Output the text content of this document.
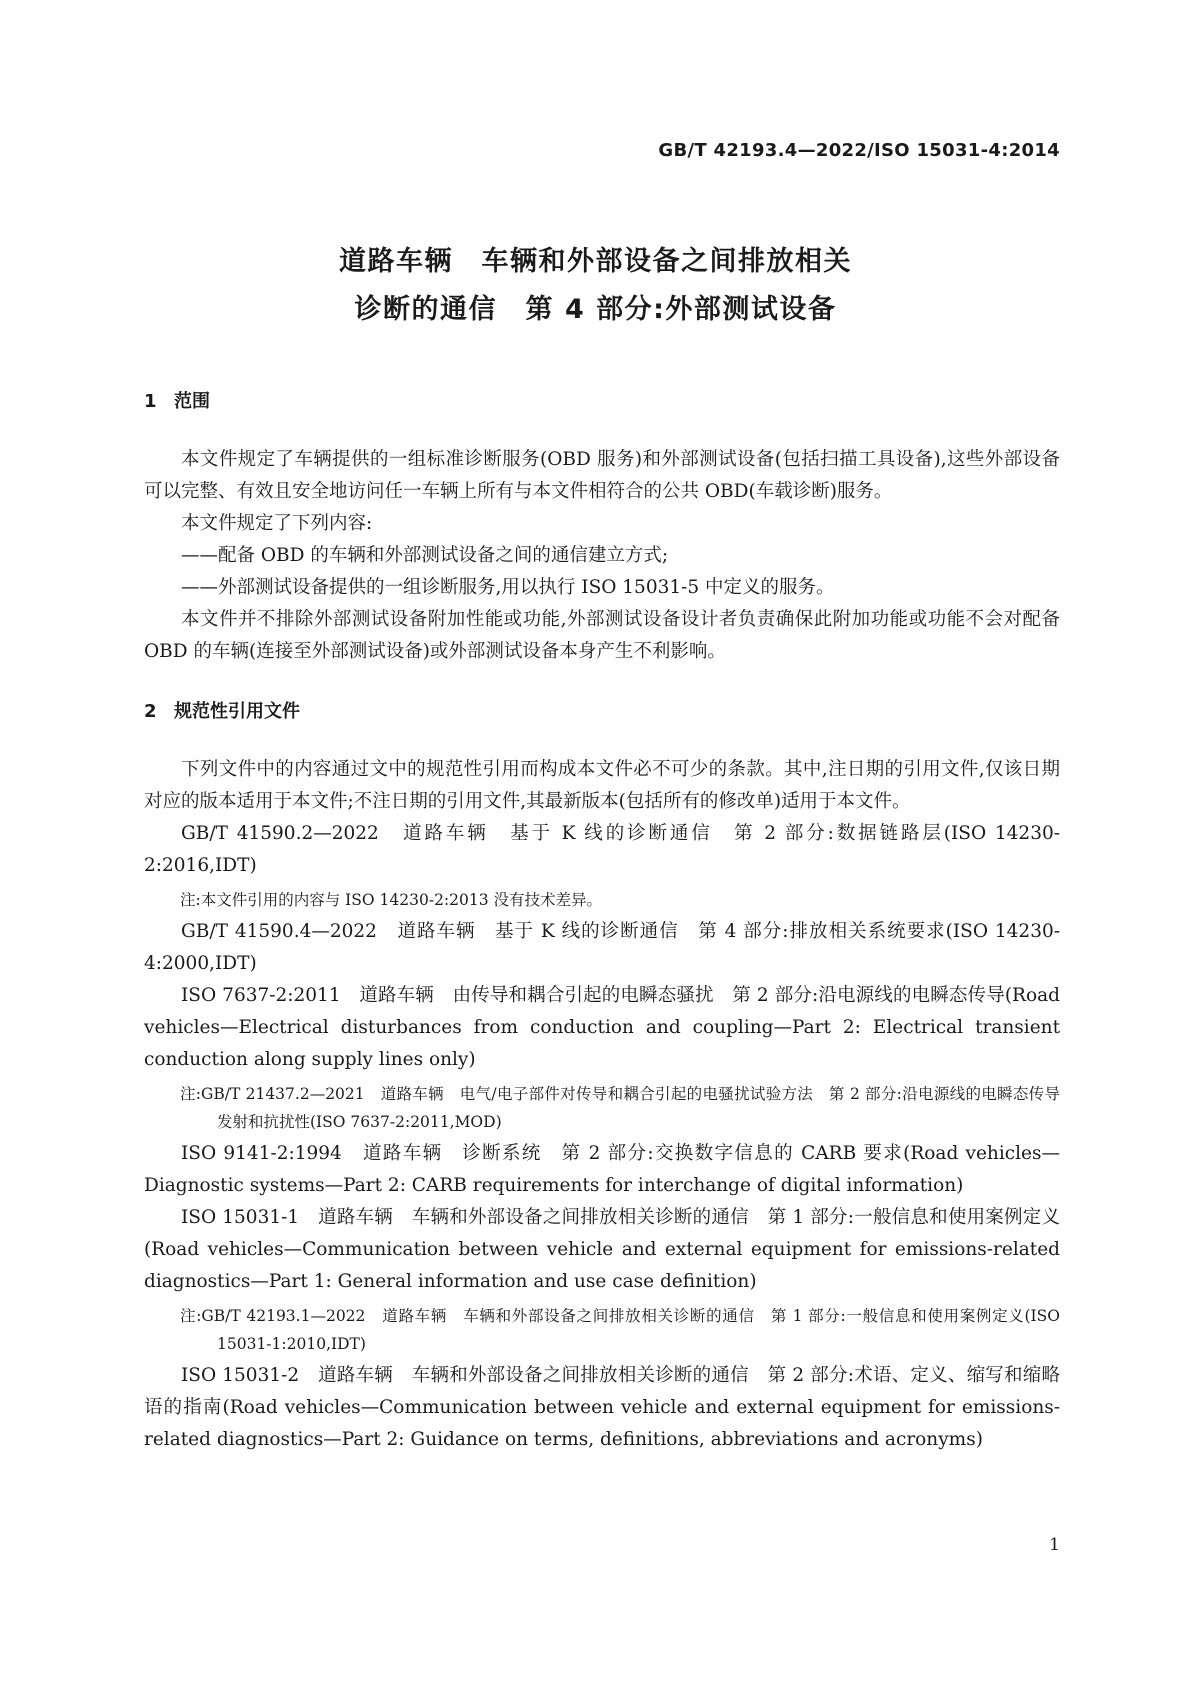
GB/T 42193.4—2022/ISO 15031-4:2014
道路车辆　车辆和外部设备之间排放相关
诊断的通信　第 4 部分:外部测试设备
1 范围

本文件规定了车辆提供的一组标准诊断服务(OBD 服务)和外部测试设备(包括扫描工具设备),这些外部设备可以完整、有效且安全地访问任一车辆上所有与本文件相符合的公共 OBD(车载诊断)服务。

本文件规定了下列内容:

——配备 OBD 的车辆和外部测试设备之间的通信建立方式;

——外部测试设备提供的一组诊断服务,用以执行 ISO 15031-5 中定义的服务。

本文件并不排除外部测试设备附加性能或功能,外部测试设备设计者负责确保此附加功能或功能不会对配备 OBD 的车辆(连接至外部测试设备)或外部测试设备本身产生不利影响。

2 规范性引用文件

下列文件中的内容通过文中的规范性引用而构成本文件必不可少的条款。其中,注日期的引用文件,仅该日期对应的版本适用于本文件;不注日期的引用文件,其最新版本(包括所有的修改单)适用于本文件。

GB/T 41590.2—2022　道路车辆　基于 K 线的诊断通信　第 2 部分:数据链路层(ISO 14230-2:2016,IDT)

注:本文件引用的内容与 ISO 14230-2:2013 没有技术差异。

GB/T 41590.4—2022　道路车辆　基于 K 线的诊断通信　第 4 部分:排放相关系统要求(ISO 14230-4:2000,IDT)

ISO 7637-2:2011　道路车辆　由传导和耦合引起的电瞬态骚扰　第 2 部分:沿电源线的电瞬态传导(Road vehicles—Electrical disturbances from conduction and coupling—Part 2: Electrical transient conduction along supply lines only)

注:GB/T 21437.2—2021　道路车辆　电气/电子部件对传导和耦合引起的电骚扰试验方法　第 2 部分:沿电源线的电瞬态传导发射和抗扰性(ISO 7637-2:2011,MOD)

ISO 9141-2:1994　道路车辆　诊断系统　第 2 部分:交换数字信息的 CARB 要求(Road vehicles—Diagnostic systems—Part 2: CARB requirements for interchange of digital information)

ISO 15031-1　道路车辆　车辆和外部设备之间排放相关诊断的通信　第 1 部分:一般信息和使用案例定义(Road vehicles—Communication between vehicle and external equipment for emissions-related diagnostics—Part 1: General information and use case definition)

注:GB/T 42193.1—2022　道路车辆　车辆和外部设备之间排放相关诊断的通信　第 1 部分:一般信息和使用案例定义(ISO 15031-1:2010,IDT)

ISO 15031-2　道路车辆　车辆和外部设备之间排放相关诊断的通信　第 2 部分:术语、定义、缩写和缩略语的指南(Road vehicles—Communication between vehicle and external equipment for emissions-related diagnostics—Part 2: Guidance on terms, definitions, abbreviations and acronyms)

1
